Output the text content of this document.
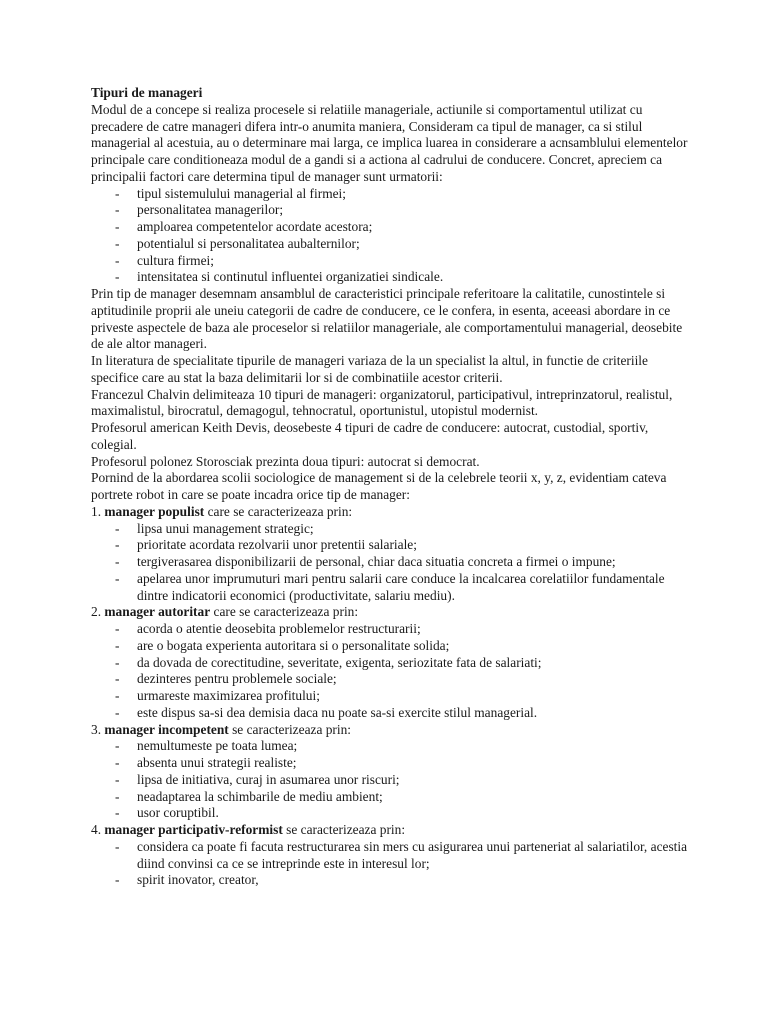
Tipuri de manageri

Modul de a concepe si realiza procesele si relatiile manageriale, actiunile si comportamentul utilizat cu precadere de catre manageri difera intr-o anumita maniera, Consideram ca tipul de manager, ca si stilul managerial al acestuia, au o determinare mai larga, ce implica luarea in considerare a acnsamblului elementelor principale care conditioneaza modul de a gandi si a actiona al cadrului de conducere. Concret, apreciem ca principalii factori care determina tipul de manager sunt urmatorii:

- tipul sistemulului managerial al firmei;
- personalitatea managerilor;
- amploarea competentelor acordate acestora;
- potentialul si personalitatea aubalternilor;
- cultura firmei;
- intensitatea si continutul influentei organizatiei sindicale.

Prin tip de manager desemnam ansamblul de caracteristici principale referitoare la calitatile, cunostintele si aptitudinile proprii ale uneiu categorii de cadre de conducere, ce le confera, in esenta, aceeasi abordare in ce priveste aspectele de baza ale proceselor si relatiilor manageriale, ale comportamentului managerial, deosebite de ale altor manageri.

In literatura de specialitate tipurile de manageri variaza de la un specialist la altul, in functie de criteriile specifice care au stat la baza delimitarii lor si de combinatiile acestor criterii.

Francezul Chalvin delimiteaza 10 tipuri de manageri: organizatorul, participativul, intreprinzatorul, realistul, maximalistul, birocratul, demagogul, tehnocratul, oportunistul, utopistul modernist.

Profesorul american Keith Devis, deosebeste 4 tipuri de cadre de conducere: autocrat, custodial, sportiv, colegial.

Profesorul polonez Storosciak prezinta doua tipuri: autocrat si democrat.

Pornind de la abordarea scolii sociologice de management si de la celebrele teorii x, y, z, evidentiam cateva portrete robot in care se poate incadra orice tip de manager:

1. manager populist care se caracterizeaza prin:

- lipsa unui management strategic;
- prioritate acordata rezolvarii unor pretentii salariale;
- tergiverasarea disponibilizarii de personal, chiar daca situatia concreta a firmei o impune;
- apelarea unor imprumuturi mari pentru salarii care conduce la incalcarea corelatiilor fundamentale dintre indicatorii economici (productivitate, salariu mediu).

2. manager autoritar care se caracterizeaza prin:

- acorda o atentie deosebita problemelor restructurarii;
- are o bogata experienta autoritara si o personalitate solida;
- da dovada de corectitudine, severitate, exigenta, seriozitate fata de salariati;
- dezinteres pentru problemele sociale;
- urmareste maximizarea profitului;
- este dispus sa-si dea demisia daca nu poate sa-si exercite stilul managerial.

3. manager incompetent se caracterizeaza prin:

- nemultumeste pe toata lumea;
- absenta unui strategii realiste;
- lipsa de initiativa, curaj in asumarea unor riscuri;
- neadaptarea la schimbarile de mediu ambient;
- usor coruptibil.

4. manager participativ-reformist se caracterizeaza prin:

- considera ca poate fi facuta restructurarea sin mers cu asigurarea unui parteneriat al salariatilor, acestia diind convinsi ca ce se intreprinde este in interesul lor;
- spirit inovator, creator,
